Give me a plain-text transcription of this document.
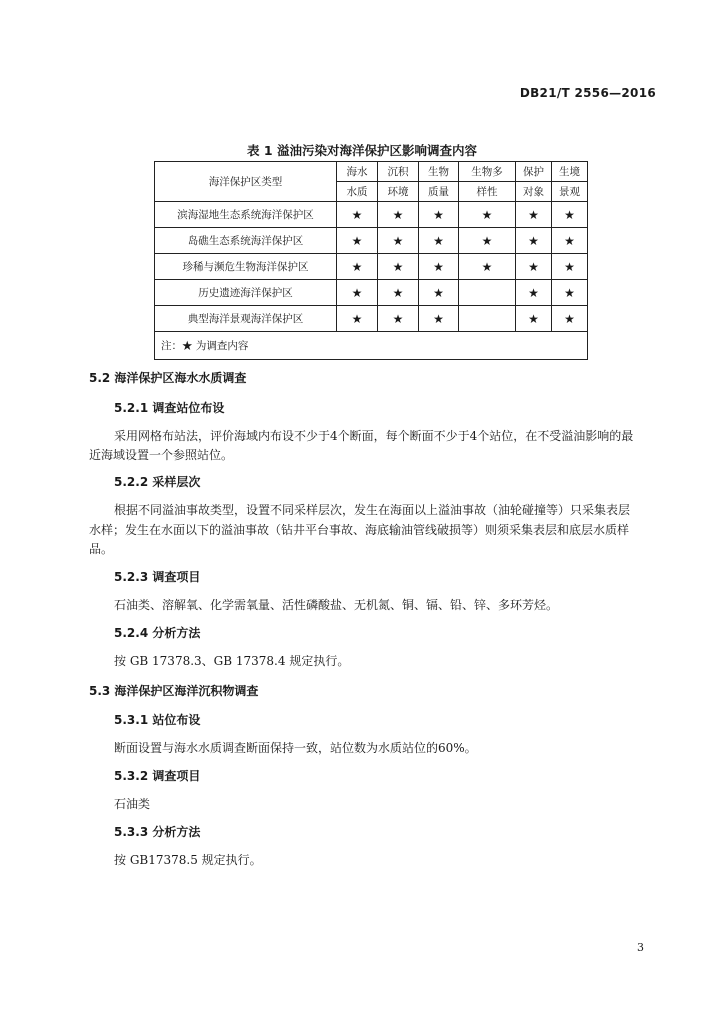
DB21/T 2556—2016
表 1 溢油污染对海洋保护区影响调查内容
海洋保护区类型	海水	沉积	生物	生物多	保护	生境
	水质	环境	质量	样性	对象	景观
滨海湿地生态系统海洋保护区	★	★	★	★	★	★
岛礁生态系统海洋保护区	★	★	★	★	★	★
珍稀与濒危生物海洋保护区	★	★	★	★	★	★
历史遗迹海洋保护区	★	★	★		★	★
典型海洋景观海洋保护区	★	★	★		★	★
注：★ 为调查内容						
5.2 海洋保护区海水水质调查
5.2.1 调查站位布设
采用网格布站法，评价海域内布设不少于4个断面，每个断面不少于4个站位，在不受溢油影响的最
近海域设置一个参照站位。
5.2.2 采样层次
根据不同溢油事故类型，设置不同采样层次，发生在海面以上溢油事故（油轮碰撞等）只采集表层
水样；发生在水面以下的溢油事故（钻井平台事故、海底输油管线破损等）则须采集表层和底层水质样
品。
5.2.3 调查项目
石油类、溶解氧、化学需氧量、活性磷酸盐、无机氮、铜、镉、铅、锌、多环芳烃。
5.2.4 分析方法
按 GB 17378.3、GB 17378.4 规定执行。
5.3 海洋保护区海洋沉积物调查
5.3.1 站位布设
断面设置与海水水质调查断面保持一致，站位数为水质站位的60%。
5.3.2 调查项目
石油类
5.3.3 分析方法
按 GB17378.5 规定执行。
3
